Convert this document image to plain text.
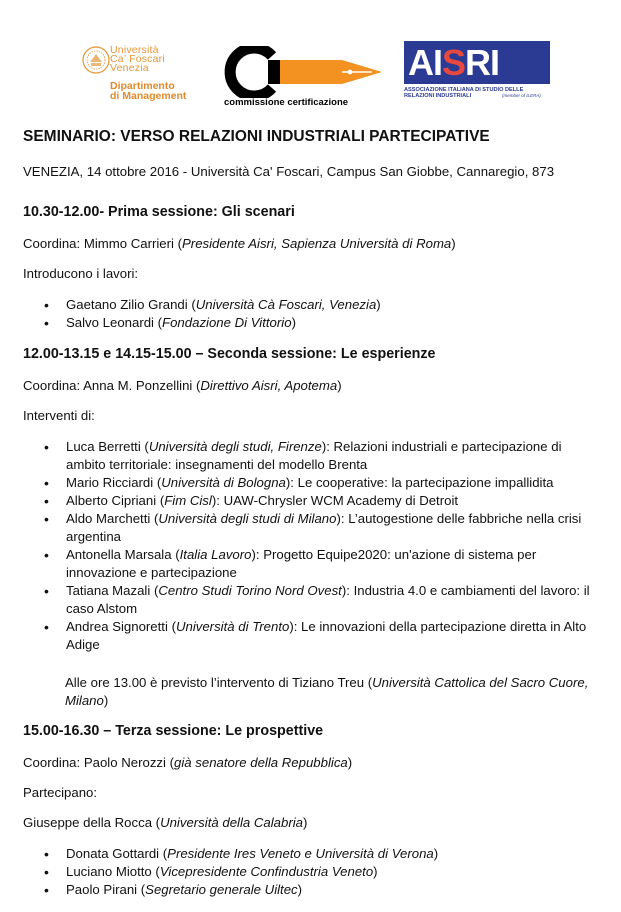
Università
Ca’ Foscari
Venezia
Dipartimento
di Management
commissione certificazione
AISRI
ASSOCIAZIONE ITALIANA DI STUDIO DELLE
RELAZIONI INDUSTRIALI	(member of ILERA)
SEMINARIO: VERSO RELAZIONI INDUSTRIALI PARTECIPATIVE
VENEZIA, 14 ottobre 2016 - Università Ca' Foscari, Campus San Giobbe, Cannaregio, 873
10.30-12.00- Prima sessione: Gli scenari
Coordina: Mimmo Carrieri (Presidente Aisri, Sapienza Università di Roma)
Introducono i lavori:
• Gaetano Zilio Grandi (Università Cà Foscari, Venezia)
• Salvo Leonardi (Fondazione Di Vittorio)
12.00-13.15 e 14.15-15.00 – Seconda sessione: Le esperienze
Coordina: Anna M. Ponzellini (Direttivo Aisri, Apotema)
Interventi di:
• Luca Berretti (Università degli studi, Firenze): Relazioni industriali e partecipazione di ambito territoriale: insegnamenti del modello Brenta
• Mario Ricciardi (Università di Bologna): Le cooperative: la partecipazione impallidita
• Alberto Cipriani (Fim Cisl): UAW-Chrysler WCM Academy di Detroit
• Aldo Marchetti (Università degli studi di Milano): L’autogestione delle fabbriche nella crisi argentina
• Antonella Marsala (Italia Lavoro): Progetto Equipe2020: un'azione di sistema per innovazione e partecipazione
• Tatiana Mazali (Centro Studi Torino Nord Ovest): Industria 4.0 e cambiamenti del lavoro: il caso Alstom
• Andrea Signoretti (Università di Trento): Le innovazioni della partecipazione diretta in Alto Adige
Alle ore 13.00 è previsto l’intervento di Tiziano Treu (Università Cattolica del Sacro Cuore, Milano)
15.00-16.30 – Terza sessione: Le prospettive
Coordina: Paolo Nerozzi (già senatore della Repubblica)
Partecipano:
Giuseppe della Rocca (Università della Calabria)
• Donata Gottardi (Presidente Ires Veneto e Università di Verona)
• Luciano Miotto (Vicepresidente Confindustria Veneto)
• Paolo Pirani (Segretario generale Uiltec)
